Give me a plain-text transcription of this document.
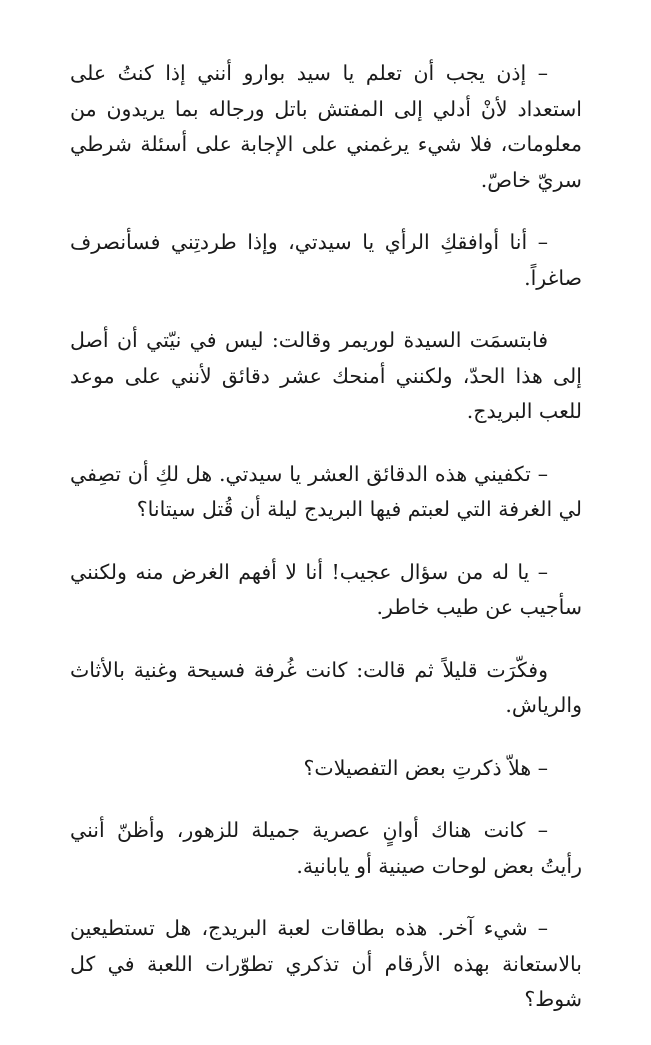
– إذن يجب أن تعلم يا سيد بوارو أنني إذا كنتُ على استعداد لأنْ أدلي إلى المفتش باتل ورجاله بما يريدون من معلومات، فلا شيء يرغمني على الإجابة على أسئلة شرطي سريّ خاصّ.

– أنا أوافقكِ الرأي يا سيدتي، وإذا طردتِني فسأنصرف صاغراً.

فابتسمَت السيدة لوريمر وقالت: ليس في نيّتي أن أصل إلى هذا الحدّ، ولكنني أمنحك عشر دقائق لأنني على موعد للعب البريدج.

– تكفيني هذه الدقائق العشر يا سيدتي. هل لكِ أن تصِفي لي الغرفة التي لعبتم فيها البريدج ليلة أن قُتل سيتانا؟

– يا له من سؤال عجيب! أنا لا أفهم الغرض منه ولكنني سأجيب عن طيب خاطر.

وفكّرَت قليلاً ثم قالت: كانت غُرفة فسيحة وغنية بالأثاث والرياش.

– هلاّ ذكرتِ بعض التفصيلات؟

– كانت هناك أوانٍ عصرية جميلة للزهور، وأظنّ أنني رأيتُ بعض لوحات صينية أو يابانية.

– شيء آخر. هذه بطاقات لعبة البريدج، هل تستطيعين بالاستعانة بهذه الأرقام أن تذكري تطوّرات اللعبة في كل شوط؟
